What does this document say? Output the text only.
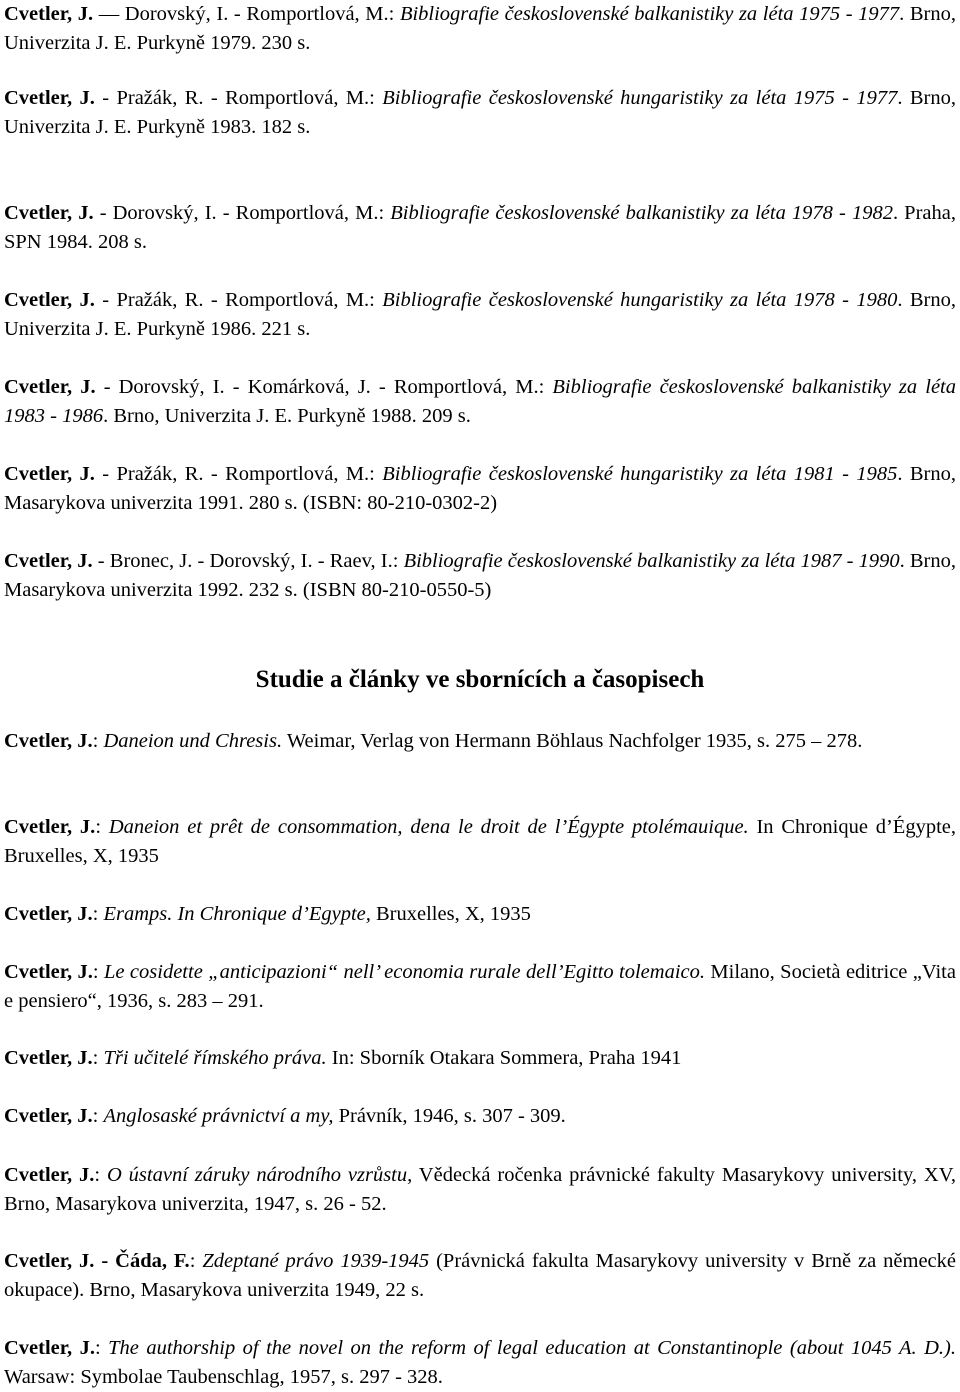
Cvetler, J. — Dorovský, I. - Romportlová, M.: Bibliografie československé balkanistiky za léta 1975 - 1977. Brno, Univerzita J. E. Purkyně 1979. 230 s.

Cvetler, J. - Pražák, R. - Romportlová, M.: Bibliografie československé hungaristiky za léta 1975 - 1977. Brno, Univerzita J. E. Purkyně 1983. 182 s.

Cvetler, J. - Dorovský, I. - Romportlová, M.: Bibliografie československé balkanistiky za léta 1978 - 1982. Praha, SPN 1984. 208 s.

Cvetler, J. - Pražák, R. - Romportlová, M.: Bibliografie československé hungaristiky za léta 1978 - 1980. Brno, Univerzita J. E. Purkyně 1986. 221 s.

Cvetler, J. - Dorovský, I. - Komárková, J. - Romportlová, M.: Bibliografie československé balkanistiky za léta 1983 - 1986. Brno, Univerzita J. E. Purkyně 1988. 209 s.

Cvetler, J. - Pražák, R. - Romportlová, M.: Bibliografie československé hungaristiky za léta 1981 - 1985. Brno, Masarykova univerzita 1991. 280 s. (ISBN: 80-210-0302-2)

Cvetler, J. - Bronec, J. - Dorovský, I. - Raev, I.: Bibliografie československé balkanistiky za léta 1987 - 1990. Brno, Masarykova univerzita 1992. 232 s. (ISBN 80-210-0550-5)

Studie a články ve sbornících a časopisech

Cvetler, J.: Daneion und Chresis. Weimar, Verlag von Hermann Böhlaus Nachfolger 1935, s. 275 – 278.

Cvetler, J.: Daneion et prêt de consommation, dena le droit de l’Égypte ptolémauique. In Chronique d’Égypte, Bruxelles, X, 1935

Cvetler, J.: Eramps. In Chronique d’Egypte, Bruxelles, X, 1935

Cvetler, J.: Le cosidette „anticipazioni“ nell’ economia rurale dell’Egitto tolemaico. Milano, Società editrice „Vita e pensiero“, 1936, s. 283 – 291.

Cvetler, J.: Tři učitelé římského práva. In: Sborník Otakara Sommera, Praha 1941

Cvetler, J.: Anglosaské právnictví a my, Právník, 1946, s. 307 - 309.

Cvetler, J.: O ústavní záruky národního vzrůstu, Vědecká ročenka právnické fakulty Masarykovy university, XV, Brno, Masarykova univerzita, 1947, s. 26 - 52.

Cvetler, J. - Čáda, F.: Zdeptané právo 1939-1945 (Právnická fakulta Masarykovy university v Brně za německé okupace). Brno, Masarykova univerzita 1949, 22 s.

Cvetler, J.: The authorship of the novel on the reform of legal education at Constantinople (about 1045 A. D.). Warsaw: Symbolae Taubenschlag, 1957, s. 297 - 328.
